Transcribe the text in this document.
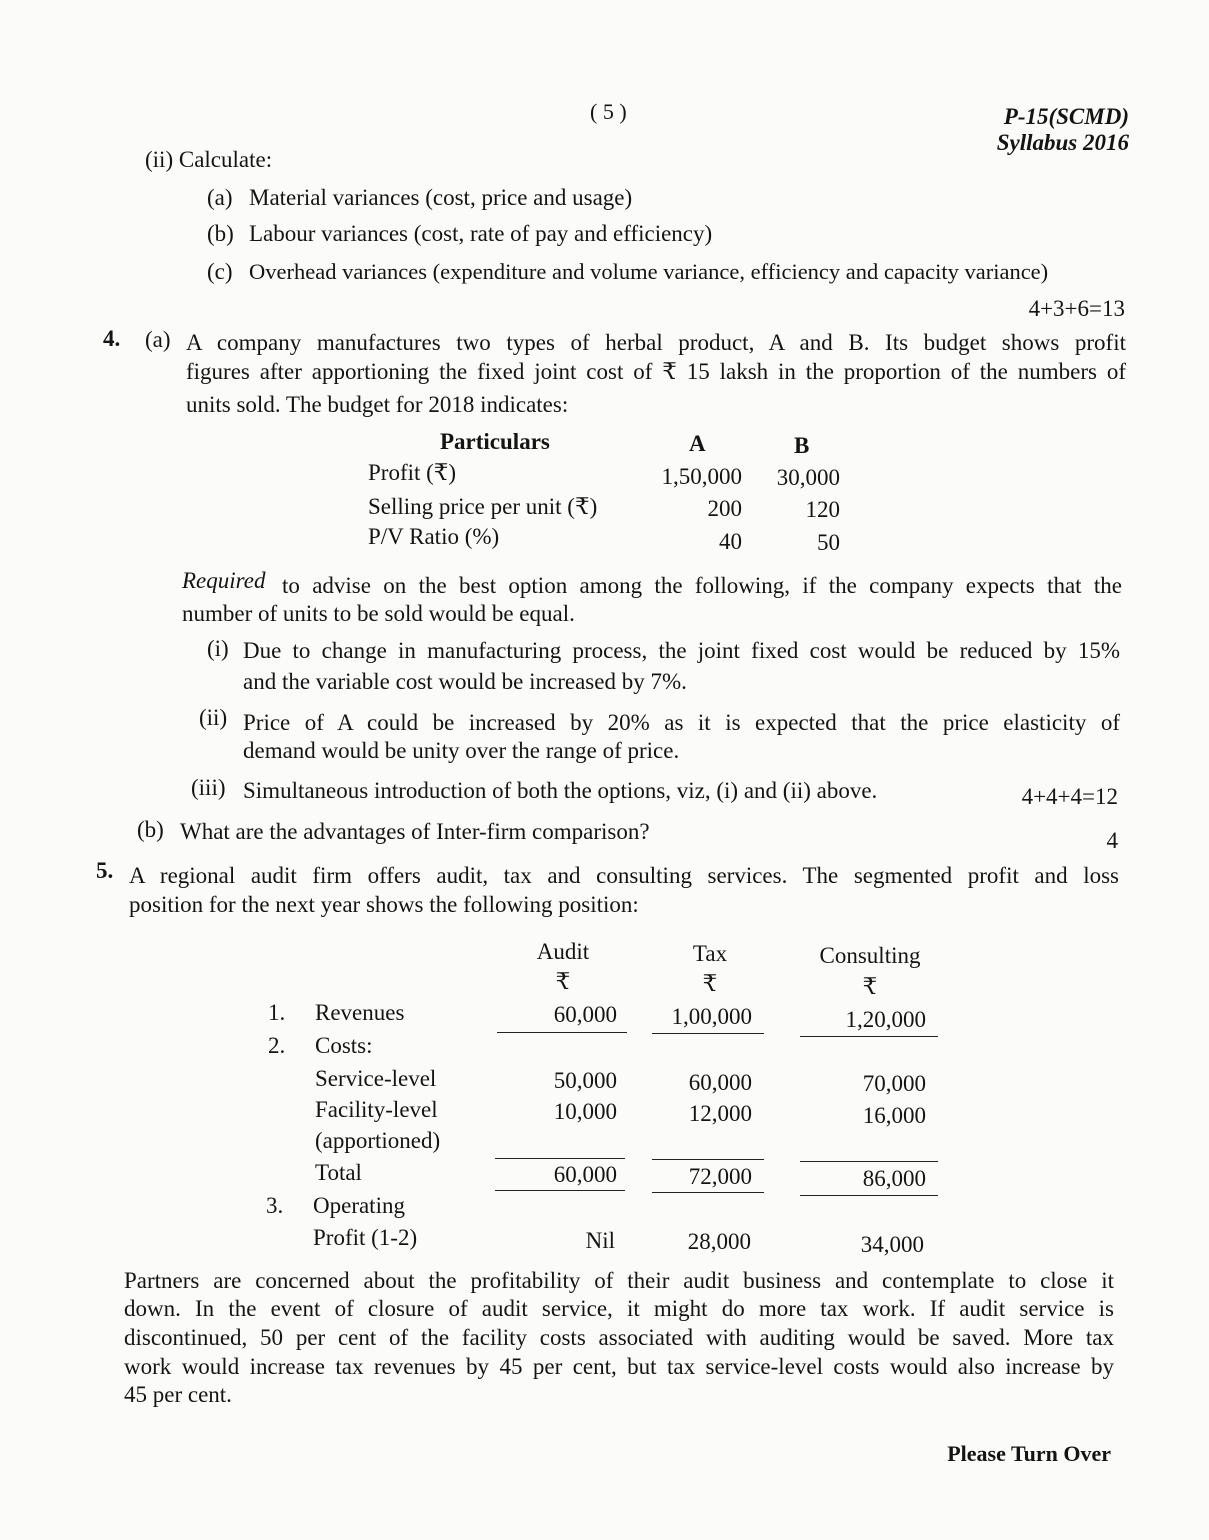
( 5 )	P-15(SCMD)
Syllabus 2016
(ii) Calculate:
(a) Material variances (cost, price and usage)
(b) Labour variances (cost, rate of pay and efficiency)
(c) Overhead variances (expenditure and volume variance, efficiency and capacity variance)
4+3+6=13
4. (a) A company manufactures two types of herbal product, A and B. Its budget shows profit
figures after apportioning the fixed joint cost of ₹ 15 laksh in the proportion of the numbers of
units sold. The budget for 2018 indicates:
Particulars	A	B
Profit (₹)	1,50,000	30,000
Selling price per unit (₹)	200	120
P/V Ratio (%)	40	50
Required to advise on the best option among the following, if the company expects that the
number of units to be sold would be equal.
(i) Due to change in manufacturing process, the joint fixed cost would be reduced by 15%
and the variable cost would be increased by 7%.
(ii) Price of A could be increased by 20% as it is expected that the price elasticity of
demand would be unity over the range of price.
(iii) Simultaneous introduction of both the options, viz, (i) and (ii) above.	4+4+4=12
(b) What are the advantages of Inter-firm comparison?	4
5. A regional audit firm offers audit, tax and consulting services. The segmented profit and loss
position for the next year shows the following position:
Audit	Tax	Consulting
₹	₹	₹
1. Revenues	60,000	1,00,000	1,20,000
2. Costs:
Service-level	50,000	60,000	70,000
Facility-level	10,000	12,000	16,000
(apportioned)
Total	60,000	72,000	86,000
3. Operating
Profit (1-2)	Nil	28,000	34,000
Partners are concerned about the profitability of their audit business and contemplate to close it
down. In the event of closure of audit service, it might do more tax work. If audit service is
discontinued, 50 per cent of the facility costs associated with auditing would be saved. More tax
work would increase tax revenues by 45 per cent, but tax service-level costs would also increase by
45 per cent.
Please Turn Over
